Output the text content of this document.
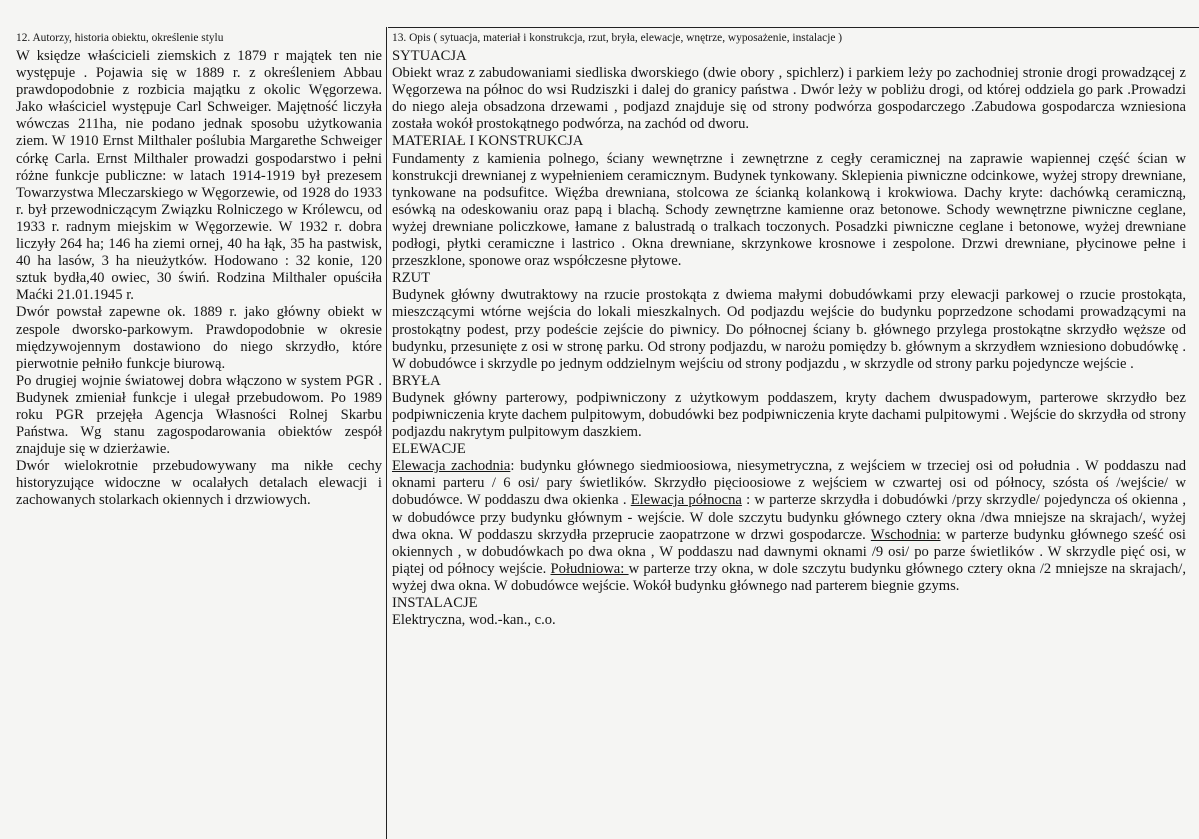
12. Autorzy, historia obiektu, określenie stylu

W księdze właścicieli ziemskich z 1879 r majątek ten nie występuje . Pojawia się w 1889 r. z określeniem Abbau prawdopodobnie z rozbicia majątku z okolic Węgorzewa. Jako właściciel występuje Carl Schweiger. Majętność liczyła wówczas 211ha, nie podano jednak sposobu użytkowania ziem. W 1910 Ernst Milthaler poślubia Margarethe Schweiger córkę Carla. Ernst Milthaler prowadzi gospodarstwo i pełni różne funkcje publiczne: w latach 1914-1919 był prezesem Towarzystwa Mleczarskiego w Węgorzewie, od 1928 do 1933 r. był przewodniczącym Związku Rolniczego w Królewcu, od 1933 r. radnym miejskim w Węgorzewie. W 1932 r. dobra liczyły 264 ha; 146 ha ziemi ornej, 40 ha łąk, 35 ha pastwisk, 40 ha lasów, 3 ha nieużytków. Hodowano : 32 konie, 120 sztuk bydła,40 owiec, 30 świń. Rodzina Milthaler opuściła Maćki 21.01.1945 r.

Dwór powstał zapewne ok. 1889 r. jako główny obiekt w zespole dworsko-parkowym. Prawdopodobnie w okresie międzywojennym dostawiono do niego skrzydło, które pierwotnie pełniło funkcje biurową.

Po drugiej wojnie światowej dobra włączono w system PGR . Budynek zmieniał funkcje i ulegał przebudowom. Po 1989 roku PGR przejęła Agencja Własności Rolnej Skarbu Państwa. Wg stanu zagospodarowania obiektów zespół znajduje się w dzierżawie.

Dwór wielokrotnie przebudowywany ma nikłe cechy historyzujące widoczne w ocalałych detalach elewacji i zachowanych stolarkach okiennych i drzwiowych.

13. Opis ( sytuacja, materiał i konstrukcja, rzut, bryła, elewacje, wnętrze, wyposażenie, instalacje )

SYTUACJA

Obiekt wraz z zabudowaniami siedliska dworskiego (dwie obory , spichlerz) i parkiem leży po zachodniej stronie drogi prowadzącej z Węgorzewa na północ do wsi Rudziszki i dalej do granicy państwa . Dwór leży w pobliżu drogi, od której oddziela go park .Prowadzi do niego aleja obsadzona drzewami , podjazd znajduje się od strony podwórza gospodarczego .Zabudowa gospodarcza wzniesiona została wokół prostokątnego podwórza, na zachód od dworu.

MATERIAŁ I KONSTRUKCJA

Fundamenty z kamienia polnego, ściany wewnętrzne i zewnętrzne z cegły ceramicznej na zaprawie wapiennej część ścian w konstrukcji drewnianej z wypełnieniem ceramicznym. Budynek tynkowany. Sklepienia piwniczne odcinkowe, wyżej stropy drewniane, tynkowane na podsufitce. Więźba drewniana, stolcowa ze ścianką kolankową i krokwiowa. Dachy kryte: dachówką ceramiczną, esówką na odeskowaniu oraz papą i blachą. Schody zewnętrzne kamienne oraz betonowe. Schody wewnętrzne piwniczne ceglane, wyżej drewniane policzkowe, łamane z balustradą o tralkach toczonych. Posadzki piwniczne ceglane i betonowe, wyżej drewniane podłogi, płytki ceramiczne i lastrico . Okna drewniane, skrzynkowe krosnowe i zespolone. Drzwi drewniane, płycinowe pełne i przeszklone, sponowe oraz współczesne płytowe.

RZUT

Budynek główny dwutraktowy na rzucie prostokąta z dwiema małymi dobudówkami przy elewacji parkowej o rzucie prostokąta, mieszczącymi wtórne wejścia do lokali mieszkalnych. Od podjazdu wejście do budynku poprzedzone schodami prowadzącymi na prostokątny podest, przy podeście zejście do piwnicy. Do północnej ściany b. głównego przylega prostokątne skrzydło węższe od budynku, przesunięte z osi w stronę parku. Od strony podjazdu, w narożu pomiędzy b. głównym a skrzydłem wzniesiono dobudówkę . W dobudówce i skrzydle po jednym oddzielnym wejściu od strony podjazdu , w skrzydle od strony parku pojedyncze wejście .

BRYŁA

Budynek główny parterowy, podpiwniczony z użytkowym poddaszem, kryty dachem dwuspadowym, parterowe skrzydło bez podpiwniczenia kryte dachem pulpitowym, dobudówki bez podpiwniczenia kryte dachami pulpitowymi . Wejście do skrzydła od strony podjazdu nakrytym pulpitowym daszkiem.

ELEWACJE

Elewacja zachodnia: budynku głównego siedmioosiowa, niesymetryczna, z wejściem w trzeciej osi od południa . W poddaszu nad oknami parteru / 6 osi/ pary świetlików. Skrzydło pięcioosiowe z wejściem w czwartej osi od północy, szósta oś /wejście/ w dobudówce. W poddaszu dwa okienka . Elewacja północna : w parterze skrzydła i dobudówki /przy skrzydle/ pojedyncza oś okienna , w dobudówce przy budynku głównym - wejście. W dole szczytu budynku głównego cztery okna /dwa mniejsze na skrajach/, wyżej dwa okna. W poddaszu skrzydła przeprucie zaopatrzone w drzwi gospodarcze. Wschodnia: w parterze budynku głównego sześć osi okiennych , w dobudówkach po dwa okna , W poddaszu nad dawnymi oknami /9 osi/ po parze świetlików . W skrzydle pięć osi, w piątej od północy wejście. Południowa: w parterze trzy okna, w dole szczytu budynku głównego cztery okna /2 mniejsze na skrajach/, wyżej dwa okna. W dobudówce wejście. Wokół budynku głównego nad parterem biegnie gzyms.

INSTALACJE

Elektryczna, wod.-kan., c.o.
